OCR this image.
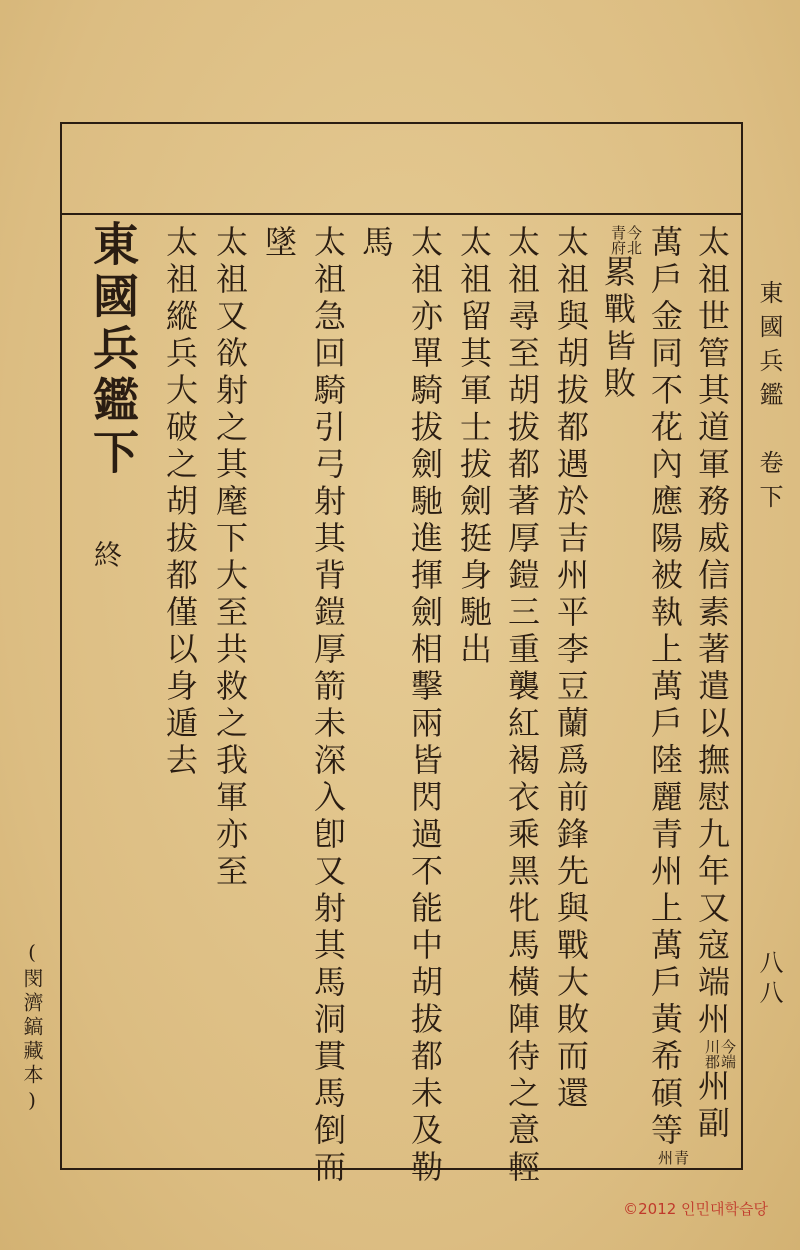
東國兵鑑　卷下
八八
太祖世管其道軍務威信素著遣以撫慰九年又寇端州
今端
川郡
州副
萬戶金同不花內應陽被執上萬戶陸麗青州上萬戶黃希碩等
青
州
今北
青府
累戰皆敗
太祖與胡拔都遇於吉州平李豆蘭爲前鋒先與戰大敗而還
太祖尋至胡拔都著厚鎧三重襲紅褐衣乘黑牝馬橫陣待之意輕
太祖留其軍士拔劍挺身馳出
太祖亦單騎拔劍馳進揮劍相擊兩皆閃過不能中胡拔都未及勒
馬
太祖急回騎引弓射其背鎧厚箭未深入卽又射其馬洞貫馬倒而
墜
太祖又欲射之其麾下大至共救之我軍亦至
太祖縱兵大破之胡拔都僅以身遁去
東國兵鑑下
終
(閔濟鎬藏本)
©2012 인민대학습당
